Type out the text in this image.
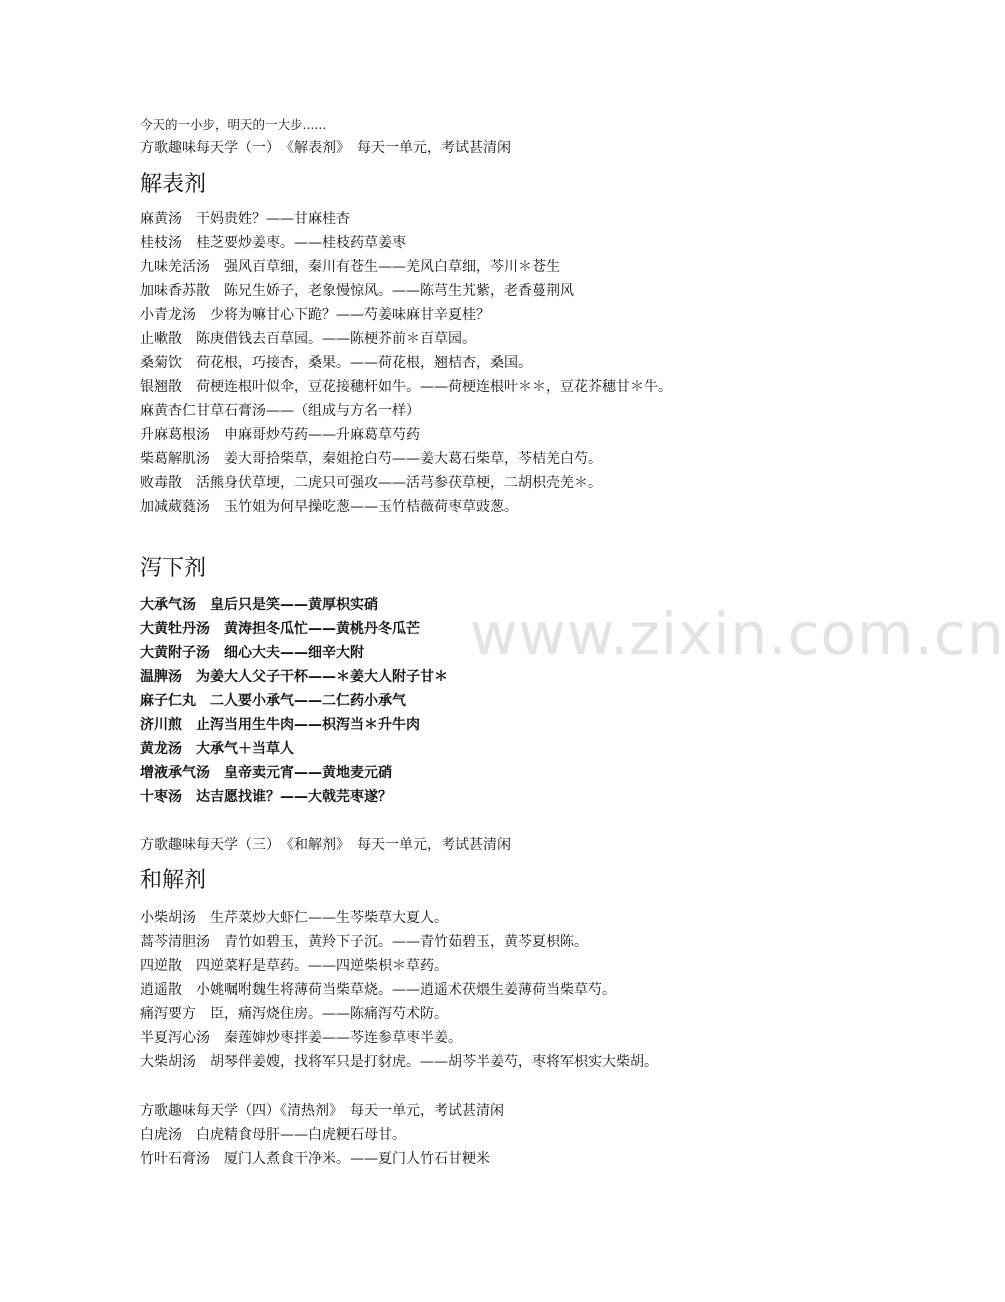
www.zixin.com.cn
今天的一小步，明天的一大步......
方歌趣味每天学（一）　《解表剂》　每天一单元，考试甚清闲
解表剂
麻黄汤　干妈贵姓？——甘麻桂杏
桂枝汤　桂芝要炒姜枣。——桂枝药草姜枣
九味羌活汤　强风百草细，秦川有苍生——羌风白草细，芩川＊苍生
加味香苏散　陈兄生娇子，老象慢惊风。——陈芎生艽紫，老香蔓荆风
小青龙汤　少将为嘛甘心下跪？——芍姜味麻甘辛夏桂？
止嗽散　陈庚借钱去百草园。——陈梗芥前＊百草园。
桑菊饮　荷花根，巧接杏，桑果。——荷花根，翘桔杏，桑国。
银翘散　荷梗连根叶似伞，豆花接穗杆如牛。——荷梗连根叶＊＊，豆花芥穗甘＊牛。
麻黄杏仁甘草石膏汤——（组成与方名一样）
升麻葛根汤　申麻哥炒芍药——升麻葛草芍药
柴葛解肌汤　姜大哥拾柴草，秦姐抢白芍——姜大葛石柴草，芩桔羌白芍。
败毒散　活熊身伏草埂，二虎只可强攻——活芎参茯草梗，二胡枳壳羌＊。
加减葳蕤汤　玉竹姐为何早操吃葱——玉竹桔薇荷枣草豉葱。
泻下剂
大承气汤　皇后只是笑——黄厚枳实硝
大黄牡丹汤　黄涛担冬瓜忙——黄桃丹冬瓜芒
大黄附子汤　细心大夫——细辛大附
温脾汤　为姜大人父子干杯——＊姜大人附子甘＊
麻子仁丸　二人要小承气——二仁药小承气
济川煎　止泻当用生牛肉——枳泻当＊升牛肉
黄龙汤　大承气＋当草人
增液承气汤　皇帝卖元宵——黄地麦元硝
十枣汤　达吉愿找谁？——大戟芫枣遂？
方歌趣味每天学（三）　《和解剂》　每天一单元，考试甚清闲
和解剂
小柴胡汤　生芹菜炒大虾仁——生芩柴草大夏人。
蒿芩清胆汤　青竹如碧玉，黄羚下子沉。——青竹茹碧玉，黄芩夏枳陈。
四逆散　四逆菜籽是草药。——四逆柴枳＊草药。
逍遥散　小姚嘱咐魏生将薄荷当柴草烧。——逍遥术茯煨生姜薄荷当柴草芍。
痛泻要方　臣，痛泻烧住房。——陈痛泻芍术防。
半夏泻心汤　秦莲婶炒枣拌姜——芩连参草枣半姜。
大柴胡汤　胡琴伴姜嫂，找将军只是打豺虎。——胡芩半姜芍，枣将军枳实大柴胡。
方歌趣味每天学（四）《清热剂》　每天一单元，考试甚清闲
白虎汤　白虎精食母肝——白虎粳石母甘。
竹叶石膏汤　厦门人煮食干净米。——夏门人竹石甘粳米
